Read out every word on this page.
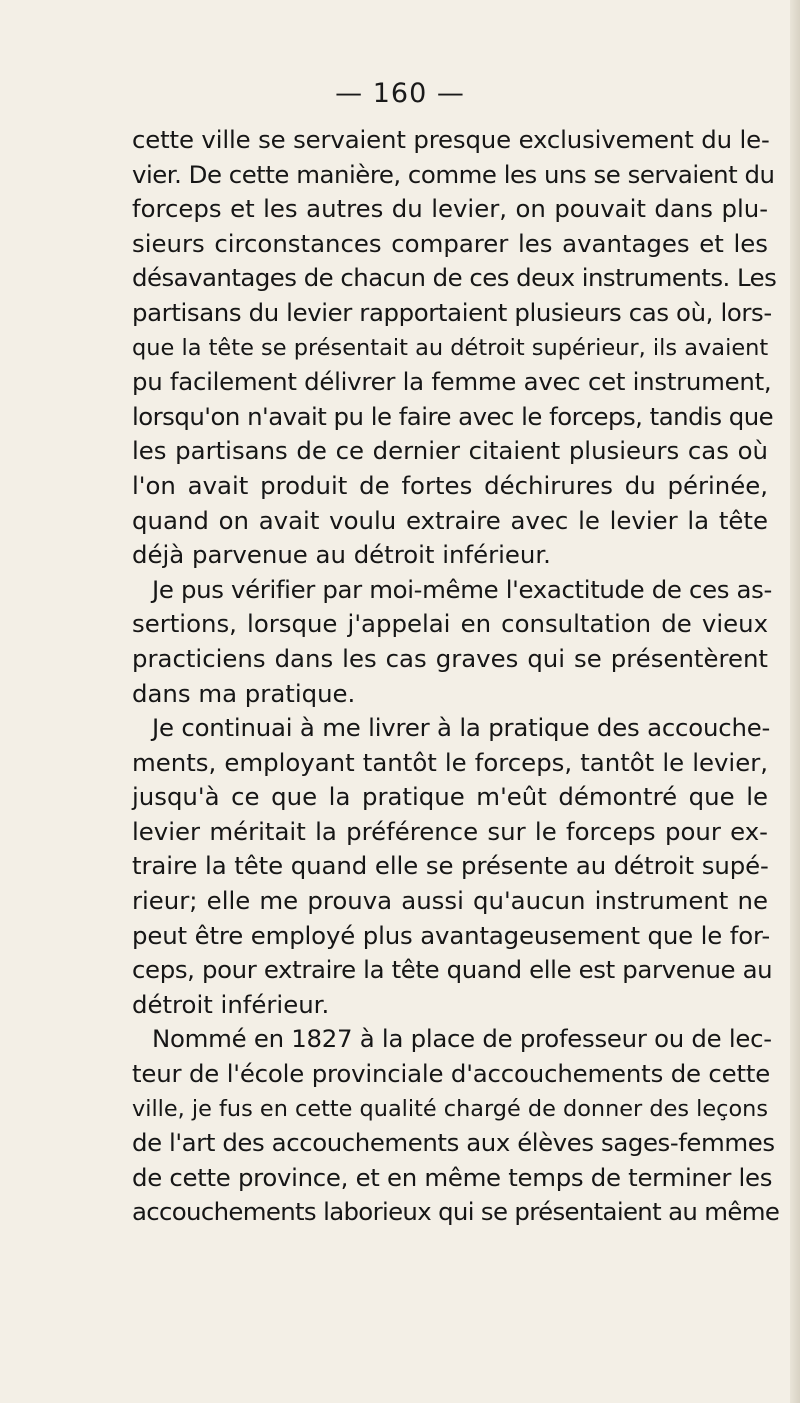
— 160 —
cette ville se servaient presque exclusivement du le-
vier. De cette manière, comme les uns se servaient du
forceps et les autres du levier, on pouvait dans plu-
sieurs circonstances comparer les avantages et les
désavantages de chacun de ces deux instruments. Les
partisans du levier rapportaient plusieurs cas où, lors-
que la tête se présentait au détroit supérieur, ils avaient
pu facilement délivrer la femme avec cet instrument,
lorsqu'on n'avait pu le faire avec le forceps, tandis que
les partisans de ce dernier citaient plusieurs cas où
l'on avait produit de fortes déchirures du périnée,
quand on avait voulu extraire avec le levier la tête
déjà parvenue au détroit inférieur.
Je pus vérifier par moi-même l'exactitude de ces as-
sertions, lorsque j'appelai en consultation de vieux
practiciens dans les cas graves qui se présentèrent
dans ma pratique.
Je continuai à me livrer à la pratique des accouche-
ments, employant tantôt le forceps, tantôt le levier,
jusqu'à ce que la pratique m'eût démontré que le
levier méritait la préférence sur le forceps pour ex-
traire la tête quand elle se présente au détroit supé-
rieur; elle me prouva aussi qu'aucun instrument ne
peut être employé plus avantageusement que le for-
ceps, pour extraire la tête quand elle est parvenue au
détroit inférieur.
Nommé en 1827 à la place de professeur ou de lec-
teur de l'école provinciale d'accouchements de cette
ville, je fus en cette qualité chargé de donner des leçons
de l'art des accouchements aux élèves sages-femmes
de cette province, et en même temps de terminer les
accouchements laborieux qui se présentaient au même
